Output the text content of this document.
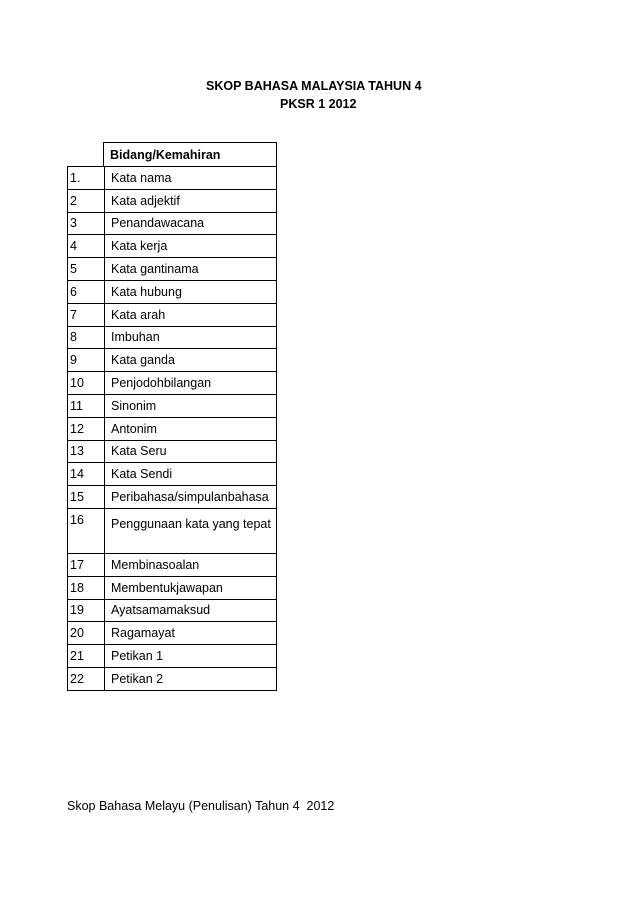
SKOP BAHASA MALAYSIA TAHUN 4
PKSR 1 2012
Bidang/Kemahiran
1.	Kata nama
2	Kata adjektif
3	Penandawacana
4	Kata kerja
5	Kata gantinama
6	Kata hubung
7	Kata arah
8	Imbuhan
9	Kata ganda
10	Penjodohbilangan
11	Sinonim
12	Antonim
13	Kata Seru
14	Kata Sendi
15	Peribahasa/simpulanbahasa
16	Penggunaan kata yang tepat
17	Membinasoalan
18	Membentukjawapan
19	Ayatsamamaksud
20	Ragamayat
21	Petikan 1
22	Petikan 2
Skop Bahasa Melayu (Penulisan) Tahun 4  2012
